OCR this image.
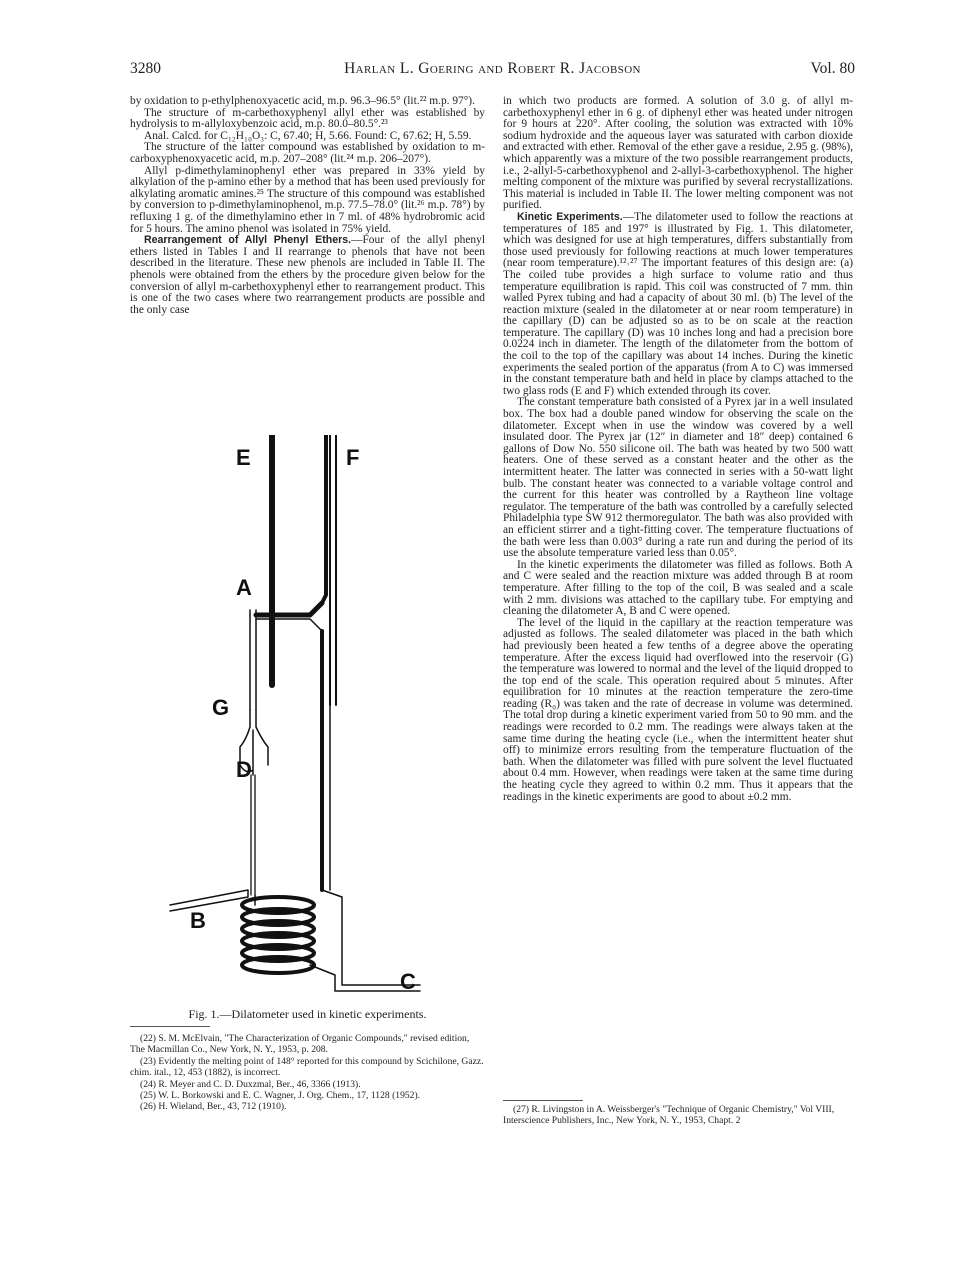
3280	Harlan L. Goering and Robert R. Jacobson	Vol. 80

by oxidation to p-ethylphenoxyacetic acid, m.p. 96.3–96.5° (lit.²² m.p. 97°).

The structure of m-carbethoxyphenyl allyl ether was established by hydrolysis to m-allyloxybenzoic acid, m.p. 80.0–80.5°.²³

Anal. Calcd. for C₁₂H₁₀O₃: C, 67.40; H, 5.66. Found: C, 67.62; H, 5.59.

The structure of the latter compound was established by oxidation to m-carboxyphenoxyacetic acid, m.p. 207–208° (lit.²⁴ m.p. 206–207°).

Allyl p-dimethylaminophenyl ether was prepared in 33% yield by alkylation of the p-amino ether by a method that has been used previously for alkylating aromatic amines.²⁵ The structure of this compound was established by conversion to p-dimethylaminophenol, m.p. 77.5–78.0° (lit.²⁶ m.p. 78°) by refluxing 1 g. of the dimethylamino ether in 7 ml. of 48% hydrobromic acid for 5 hours. The amino phenol was isolated in 75% yield.

Rearrangement of Allyl Phenyl Ethers.—Four of the allyl phenyl ethers listed in Tables I and II rearrange to phenols that have not been described in the literature. These new phenols are included in Table II. The phenols were obtained from the ethers by the procedure given below for the conversion of allyl m-carbethoxyphenyl ether to rearrangement product. This is one of the two cases where two rearrangement products are possible and the only case

E	F
A
G
D
B
C
Fig. 1.—Dilatometer used in kinetic experiments.

(22) S. M. McElvain, "The Characterization of Organic Compounds," revised edition, The Macmillan Co., New York, N. Y., 1953, p. 208.

(23) Evidently the melting point of 148° reported for this compound by Scichilone, Gazz. chim. ital., 12, 453 (1882), is incorrect.

(24) R. Meyer and C. D. Duxzmal, Ber., 46, 3366 (1913).

(25) W. L. Borkowski and E. C. Wagner, J. Org. Chem., 17, 1128 (1952).

(26) H. Wieland, Ber., 43, 712 (1910).

in which two products are formed. A solution of 3.0 g. of allyl m-carbethoxyphenyl ether in 6 g. of diphenyl ether was heated under nitrogen for 9 hours at 220°. After cooling, the solution was extracted with 10% sodium hydroxide and the aqueous layer was saturated with carbon dioxide and extracted with ether. Removal of the ether gave a residue, 2.95 g. (98%), which apparently was a mixture of the two possible rearrangement products, i.e., 2-allyl-5-carbethoxyphenol and 2-allyl-3-carbethoxyphenol. The higher melting component of the mixture was purified by several recrystallizations. This material is included in Table II. The lower melting component was not purified.

Kinetic Experiments.—The dilatometer used to follow the reactions at temperatures of 185 and 197° is illustrated by Fig. 1. This dilatometer, which was designed for use at high temperatures, differs substantially from those used previously for following reactions at much lower temperatures (near room temperature).¹²˒²⁷ The important features of this design are: (a) The coiled tube provides a high surface to volume ratio and thus temperature equilibration is rapid. This coil was constructed of 7 mm. thin walled Pyrex tubing and had a capacity of about 30 ml. (b) The level of the reaction mixture (sealed in the dilatometer at or near room temperature) in the capillary (D) can be adjusted so as to be on scale at the reaction temperature. The capillary (D) was 10 inches long and had a precision bore 0.0224 inch in diameter. The length of the dilatometer from the bottom of the coil to the top of the capillary was about 14 inches. During the kinetic experiments the sealed portion of the apparatus (from A to C) was immersed in the constant temperature bath and held in place by clamps attached to the two glass rods (E and F) which extended through its cover.

The constant temperature bath consisted of a Pyrex jar in a well insulated box. The box had a double paned window for observing the scale on the dilatometer. Except when in use the window was covered by a well insulated door. The Pyrex jar (12″ in diameter and 18″ deep) contained 6 gallons of Dow No. 550 silicone oil. The bath was heated by two 500 watt heaters. One of these served as a constant heater and the other as the intermittent heater. The latter was connected in series with a 50-watt light bulb. The constant heater was connected to a variable voltage control and the current for this heater was controlled by a Raytheon line voltage regulator. The temperature of the bath was controlled by a carefully selected Philadelphia type SW 912 thermoregulator. The bath was also provided with an efficient stirrer and a tight-fitting cover. The temperature fluctuations of the bath were less than 0.003° during a rate run and during the period of its use the absolute temperature varied less than 0.05°.

In the kinetic experiments the dilatometer was filled as follows. Both A and C were sealed and the reaction mixture was added through B at room temperature. After filling to the top of the coil, B was sealed and a scale with 2 mm. divisions was attached to the capillary tube. For emptying and cleaning the dilatometer A, B and C were opened.

The level of the liquid in the capillary at the reaction temperature was adjusted as follows. The sealed dilatometer was placed in the bath which had previously been heated a few tenths of a degree above the operating temperature. After the excess liquid had overflowed into the reservoir (G) the temperature was lowered to normal and the level of the liquid dropped to the top end of the scale. This operation required about 5 minutes. After equilibration for 10 minutes at the reaction temperature the zero-time reading (R₀) was taken and the rate of decrease in volume was determined. The total drop during a kinetic experiment varied from 50 to 90 mm. and the readings were recorded to 0.2 mm. The readings were always taken at the same time during the heating cycle (i.e., when the intermittent heater shut off) to minimize errors resulting from the temperature fluctuation of the bath. When the dilatometer was filled with pure solvent the level fluctuated about 0.4 mm. However, when readings were taken at the same time during the heating cycle they agreed to within 0.2 mm. Thus it appears that the readings in the kinetic experiments are good to about ±0.2 mm.

(27) R. Livingston in A. Weissberger's "Technique of Organic Chemistry," Vol VIII, Interscience Publishers, Inc., New York, N. Y., 1953, Chapt. 2
